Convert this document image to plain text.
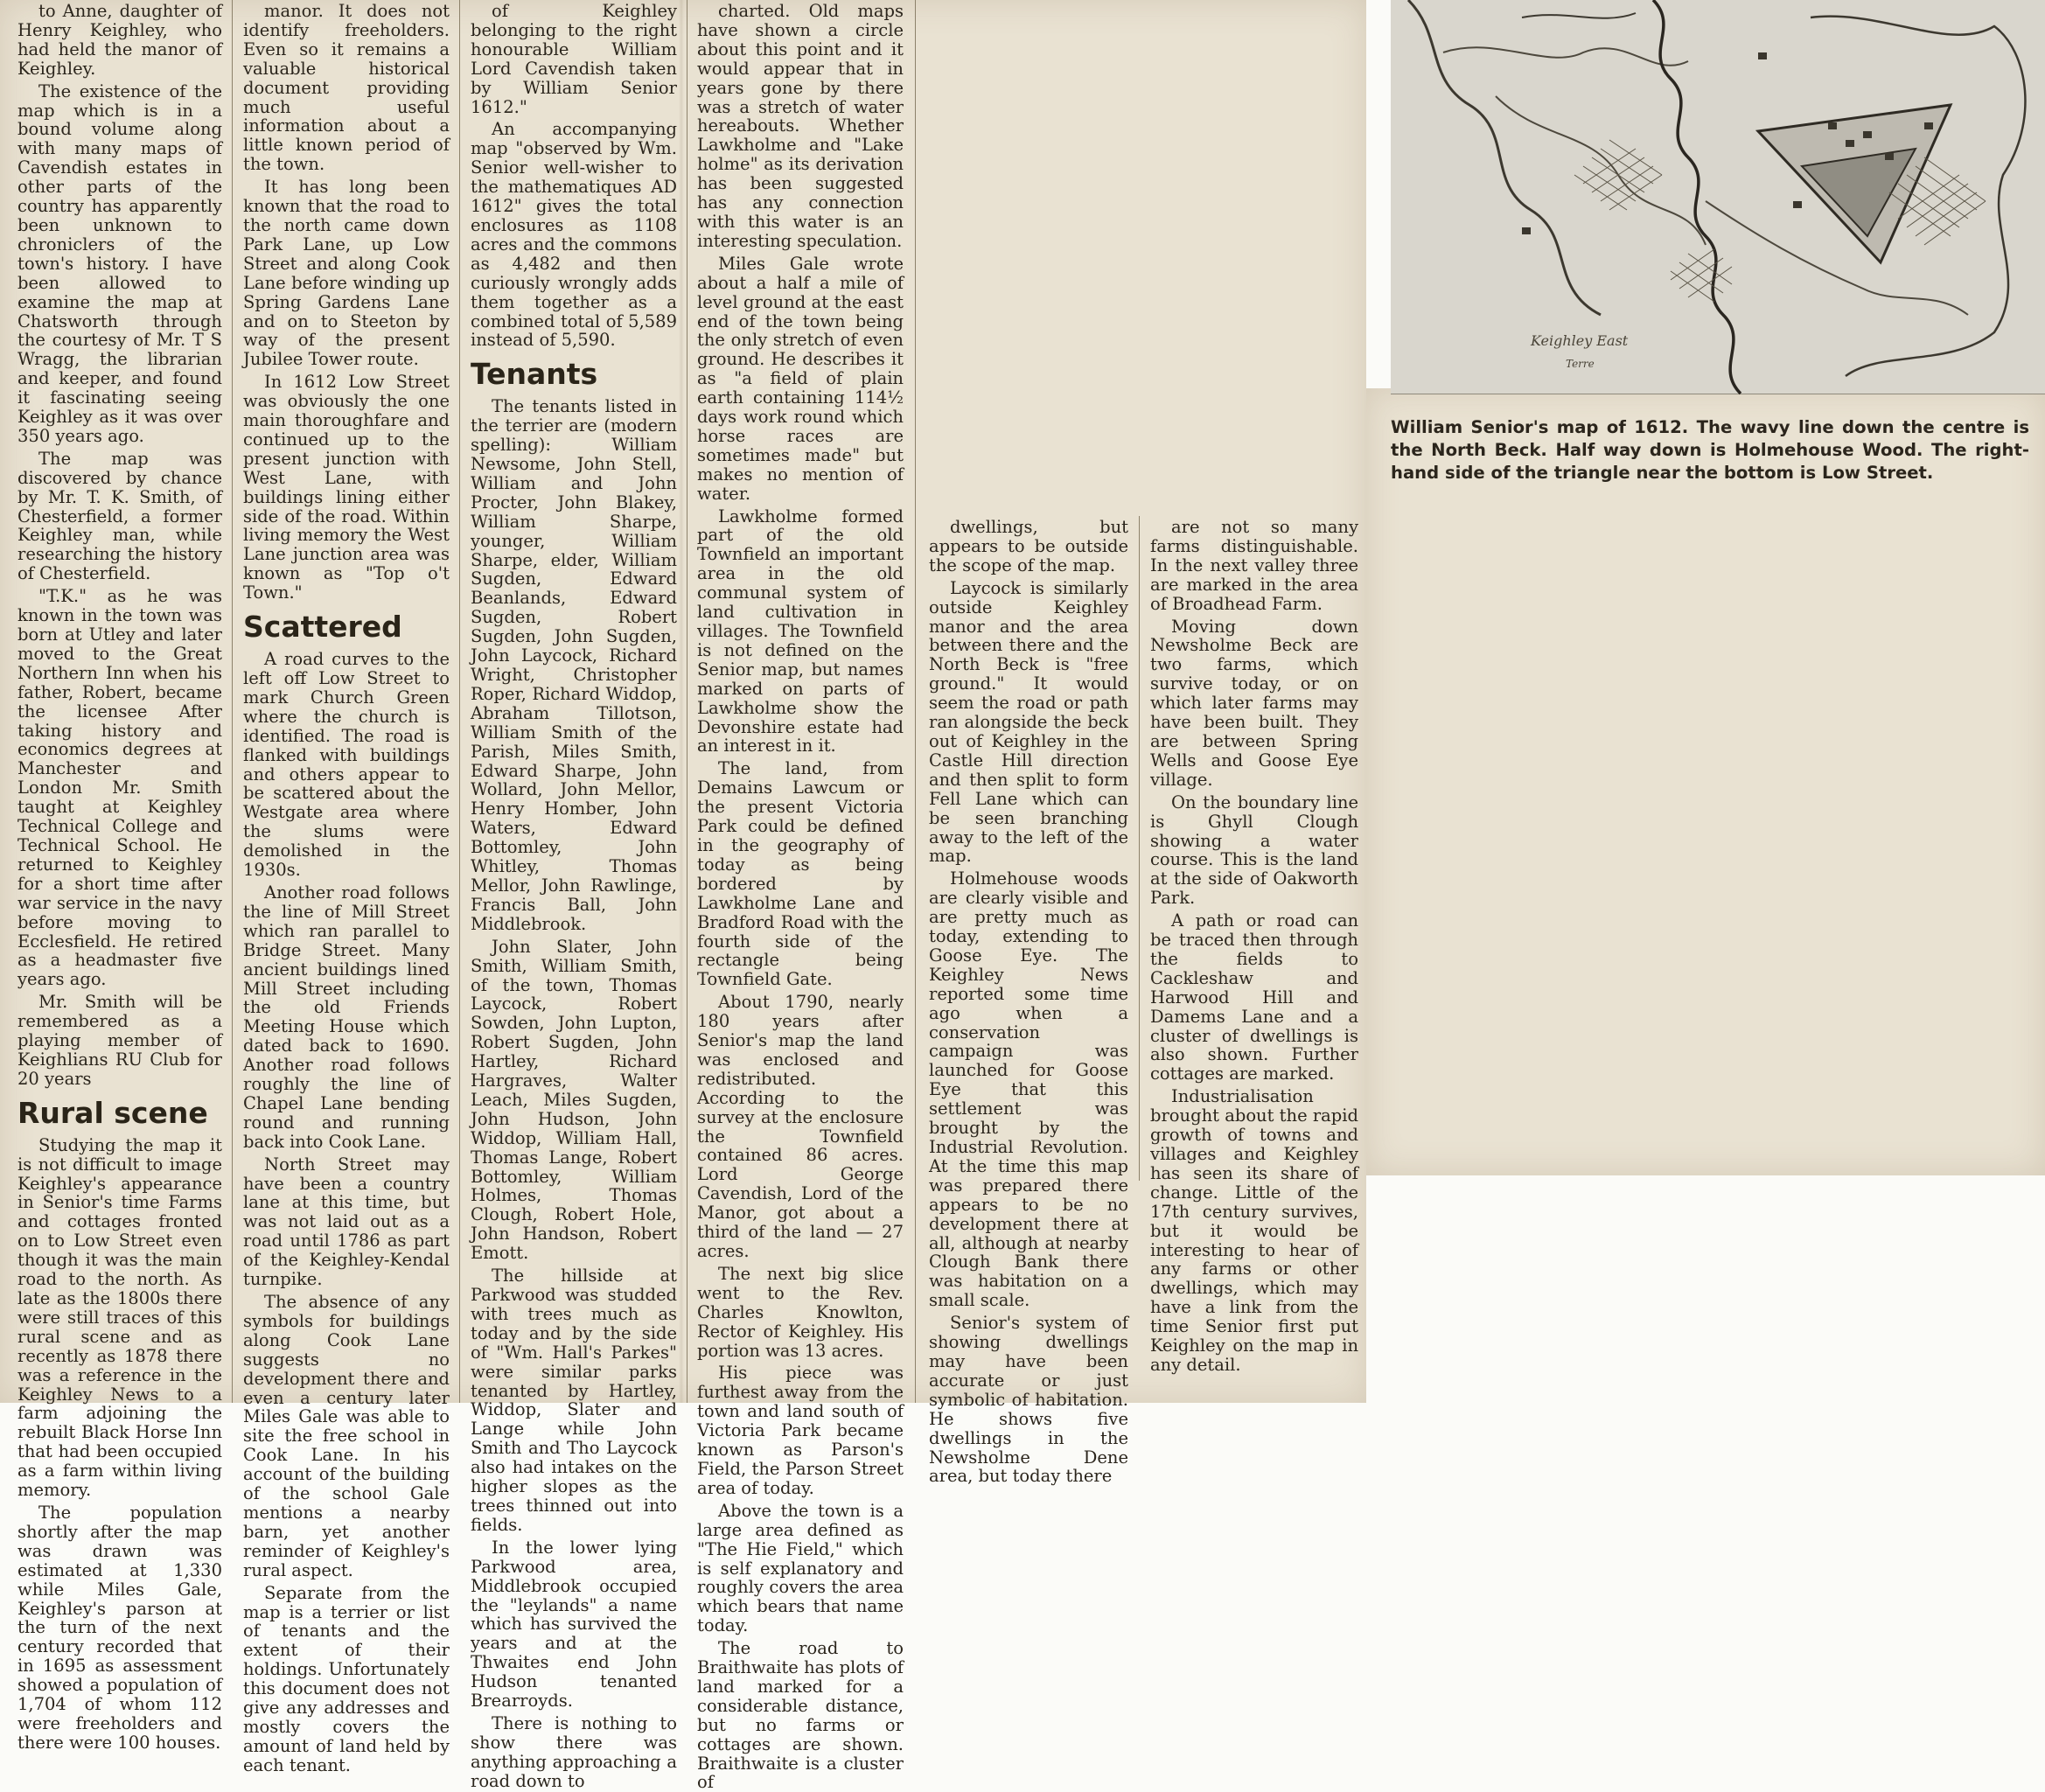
to Anne, daughter of Henry Keighley, who had held the manor of Keighley.

The existence of the map which is in a bound volume along with many maps of Cavendish estates in other parts of the country has apparently been unknown to chroniclers of the town's history. I have been allowed to examine the map at Chatsworth through the courtesy of Mr. T S Wragg, the librarian and keeper, and found it fascinating seeing Keighley as it was over 350 years ago.

The map was discovered by chance by Mr. T. K. Smith, of Chesterfield, a former Keighley man, while researching the history of Chesterfield.

"T.K." as he was known in the town was born at Utley and later moved to the Great Northern Inn when his father, Robert, became the licensee After taking history and economics degrees at Manchester and London Mr. Smith taught at Keighley Technical College and Technical School. He returned to Keighley for a short time after war service in the navy before moving to Ecclesfield. He retired as a headmaster five years ago.

Mr. Smith will be remembered as a playing member of Keighlians RU Club for 20 years

Rural scene

Studying the map it is not difficult to image Keighley's appearance in Senior's time Farms and cottages fronted on to Low Street even though it was the main road to the north. As late as the 1800s there were still traces of this rural scene and as recently as 1878 there was a reference in the Keighley News to a farm adjoining the rebuilt Black Horse Inn that had been occupied as a farm within living memory.

The population shortly after the map was drawn was estimated at 1,330 while Miles Gale, Keighley's parson at the turn of the next century recorded that in 1695 as assessment showed a population of 1,704 of whom 112 were freeholders and there were 100 houses.

manor. It does not identify freeholders. Even so it remains a valuable historical document providing much useful information about a little known period of the town.

It has long been known that the road to the north came down Park Lane, up Low Street and along Cook Lane before winding up Spring Gardens Lane and on to Steeton by way of the present Jubilee Tower route.

In 1612 Low Street was obviously the one main thoroughfare and continued up to the present junction with West Lane, with buildings lining either side of the road. Within living memory the West Lane junction area was known as "Top o't Town."

Scattered

A road curves to the left off Low Street to mark Church Green where the church is identified. The road is flanked with buildings and others appear to be scattered about the Westgate area where the slums were demolished in the 1930s.

Another road follows the line of Mill Street which ran parallel to Bridge Street. Many ancient buildings lined Mill Street including the old Friends Meeting House which dated back to 1690. Another road follows roughly the line of Chapel Lane bending round and running back into Cook Lane.

North Street may have been a country lane at this time, but was not laid out as a road until 1786 as part of the Keighley-Kendal turnpike.

The absence of any symbols for buildings along Cook Lane suggests no development there and even a century later Miles Gale was able to site the free school in Cook Lane. In his account of the building of the school Gale mentions a nearby barn, yet another reminder of Keighley's rural aspect.

Separate from the map is a terrier or list of tenants and the extent of their holdings. Unfortunately this document does not give any addresses and mostly covers the amount of land held by each tenant.

of Keighley belonging to the right honourable William Lord Cavendish taken by William Senior 1612."

An accompanying map "observed by Wm. Senior well-wisher to the mathematiques AD 1612" gives the total enclosures as 1108 acres and the commons as 4,482 and then curiously wrongly adds them together as a combined total of 5,589 instead of 5,590.

Tenants

The tenants listed in the terrier are (modern spelling): William Newsome, John Stell, William and John Procter, John Blakey, William Sharpe, younger, William Sharpe, elder, William Sugden, Edward Beanlands, Edward Sugden, Robert Sugden, John Sugden, John Laycock, Richard Wright, Christopher Roper, Richard Widdop, Abraham Tillotson, William Smith of the Parish, Miles Smith, Edward Sharpe, John Wollard, John Mellor, Henry Homber, John Waters, Edward Bottomley, John Whitley, Thomas Mellor, John Rawlinge, Francis Ball, John Middlebrook.

John Slater, John Smith, William Smith, of the town, Thomas Laycock, Robert Sowden, John Lupton, Robert Sugden, John Hartley, Richard Hargraves, Walter Leach, Miles Sugden, John Hudson, John Widdop, William Hall, Thomas Lange, Robert Bottomley, William Holmes, Thomas Clough, Robert Hole, John Handson, Robert Emott.

The hillside at Parkwood was studded with trees much as today and by the side of "Wm. Hall's Parkes" were similar parks tenanted by Hartley, Widdop, Slater and Lange while John Smith and Tho Laycock also had intakes on the higher slopes as the trees thinned out into fields.

In the lower lying Parkwood area, Middlebrook occupied the "leylands" a name which has survived the years and at the Thwaites end John Hudson tenanted Brearroyds.

There is nothing to show there was anything approaching a road down to

charted. Old maps have shown a circle about this point and it would appear that in years gone by there was a stretch of water hereabouts. Whether Lawkholme and "Lake holme" as its derivation has been suggested has any connection with this water is an interesting speculation.

Miles Gale wrote about a half a mile of level ground at the east end of the town being the only stretch of even ground. He describes it as "a field of plain earth containing 114½ days work round which horse races are sometimes made" but makes no mention of water.

Lawkholme formed part of the old Townfield an important area in the old communal system of land cultivation in villages. The Townfield is not defined on the Senior map, but names marked on parts of Lawkholme show the Devonshire estate had an interest in it.

The land, from Demains Lawcum or the present Victoria Park could be defined in the geography of today as being bordered by Lawkholme Lane and Bradford Road with the fourth side of the rectangle being Townfield Gate.

About 1790, nearly 180 years after Senior's map the land was enclosed and redistributed. According to the survey at the enclosure the Townfield contained 86 acres. Lord George Cavendish, Lord of the Manor, got about a third of the land — 27 acres.

The next big slice went to the Rev. Charles Knowlton, Rector of Keighley. His portion was 13 acres.

His piece was furthest away from the town and land south of Victoria Park became known as Parson's Field, the Parson Street area of today.

Above the town is a large area defined as "The Hie Field," which is self explanatory and roughly covers the area which bears that name today.

The road to Braithwaite has plots of land marked for a considerable distance, but no farms or cottages are shown. Braithwaite is a cluster of

Keighley East
Terre
William Senior's map of 1612. The wavy line down the centre is the North Beck. Half way down is Holmehouse Wood. The right-hand side of the triangle near the bottom is Low Street.

dwellings, but appears to be outside the scope of the map.

Laycock is similarly outside Keighley manor and the area between there and the North Beck is "free ground." It would seem the road or path ran alongside the beck out of Keighley in the Castle Hill direction and then split to form Fell Lane which can be seen branching away to the left of the map.

Holmehouse woods are clearly visible and are pretty much as today, extending to Goose Eye. The Keighley News reported some time ago when a conservation campaign was launched for Goose Eye that this settlement was brought by the Industrial Revolution. At the time this map was prepared there appears to be no development there at all, although at nearby Clough Bank there was habitation on a small scale.

Senior's system of showing dwellings may have been accurate or just symbolic of habitation. He shows five dwellings in the Newsholme Dene area, but today there

are not so many farms distinguishable. In the next valley three are marked in the area of Broadhead Farm.

Moving down Newsholme Beck are two farms, which survive today, or on which later farms may have been built. They are between Spring Wells and Goose Eye village.

On the boundary line is Ghyll Clough showing a water course. This is the land at the side of Oakworth Park.

A path or road can be traced then through the fields to Cackleshaw and Harwood Hill and Damems Lane and a cluster of dwellings is also shown. Further cottages are marked.

Industrialisation brought about the rapid growth of towns and villages and Keighley has seen its share of change. Little of the 17th century survives, but it would be interesting to hear of any farms or other dwellings, which may have a link from the time Senior first put Keighley on the map in any detail.
